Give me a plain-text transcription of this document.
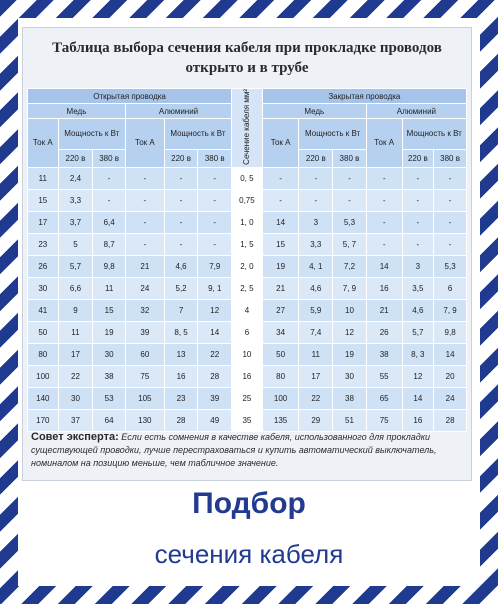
Таблица выбора сечения кабеля при прокладке проводов открыто и в трубе
Открытая проводка						Сечение кабеля мм²	Закрытая проводка					
Медь			Алюминий				Медь			Алюминий		
Ток А	Мощность к Вт		Ток А	Мощность к Вт			Ток А	Мощность к Вт		Ток А	Мощность к Вт	
	220 в	380 в		220 в	380 в			220 в	380 в		220 в	380 в
11	2,4	-	-	-	-	0, 5	-	-	-	-	-	-
15	3,3	-	-	-	-	0,75	-	-	-	-	-	-
17	3,7	6,4	-	-	-	1, 0	14	3	5,3	-	-	-
23	5	8,7	-	-	-	1, 5	15	3,3	5, 7	-	-	-
26	5,7	9,8	21	4,6	7,9	2, 0	19	4, 1	7,2	14	3	5,3
30	6,6	11	24	5,2	9, 1	2, 5	21	4,6	7, 9	16	3,5	6
41	9	15	32	7	12	4	27	5,9	10	21	4,6	7, 9
50	11	19	39	8, 5	14	6	34	7,4	12	26	5,7	9,8
80	17	30	60	13	22	10	50	11	19	38	8, 3	14
100	22	38	75	16	28	16	80	17	30	55	12	20
140	30	53	105	23	39	25	100	22	38	65	14	24
170	37	64	130	28	49	35	135	29	51	75	16	28
Совет эксперта: Если есть сомнения в качестве кабеля, использованного для прокладки существующей проводки, лучше перестраховаться и купить автоматический выключатель, номиналом на позицию меньше, чем табличное значение.
Подбор
сечения кабеля
